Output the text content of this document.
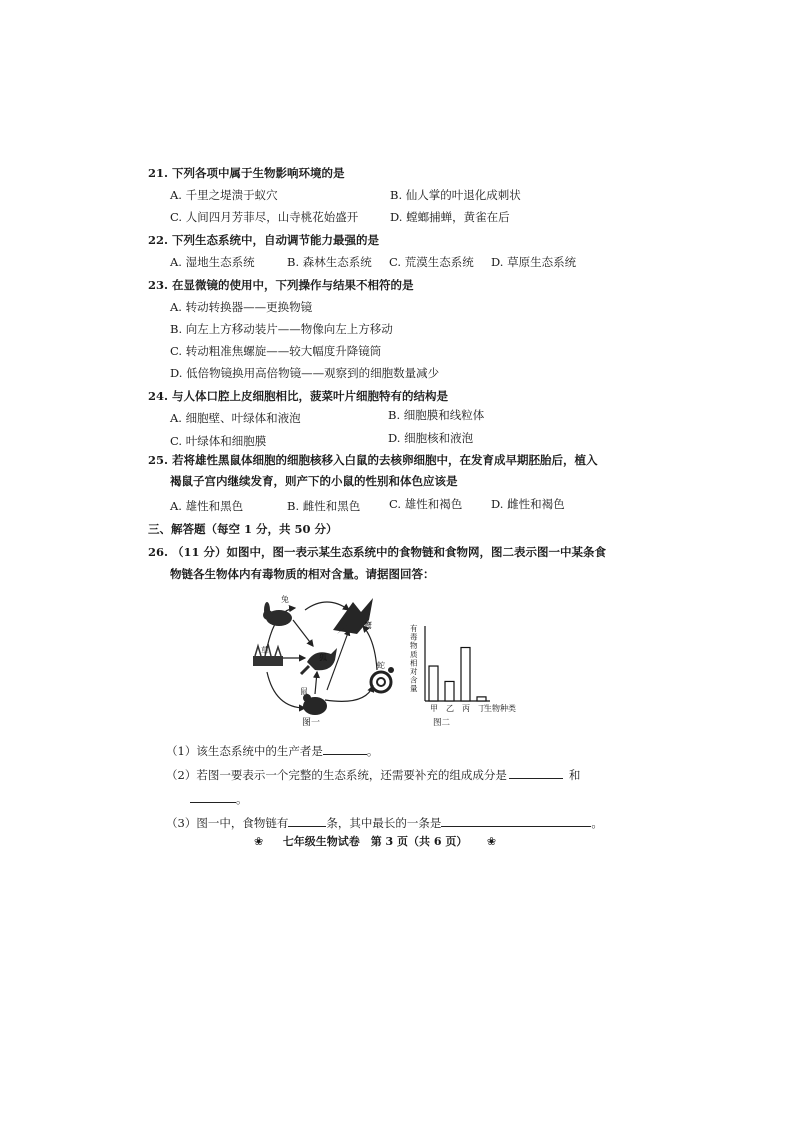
21. 下列各项中属于生物影响环境的是
A. 千里之堤溃于蚁穴	B. 仙人掌的叶退化成刺状
C. 人间四月芳菲尽，山寺桃花始盛开	D. 螳螂捕蝉，黄雀在后
22. 下列生态系统中，自动调节能力最强的是
A. 湿地生态系统	B. 森林生态系统 C. 荒漠生态系统 D. 草原生态系统
23. 在显微镜的使用中，下列操作与结果不相符的是
A. 转动转换器——更换物镜
B. 向左上方移动装片——物像向左上方移动
C. 转动粗准焦螺旋——较大幅度升降镜筒
D. 低倍物镜换用高倍物镜——观察到的细胞数量减少
24. 与人体口腔上皮细胞相比，菠菜叶片细胞特有的结构是
A. 细胞壁、叶绿体和液泡	B. 细胞膜和线粒体
C. 叶绿体和细胞膜	D. 细胞核和液泡
25. 若将雄性黑鼠体细胞的细胞核移入白鼠的去核卵细胞中，在发育成早期胚胎后，植入
褐鼠子宫内继续发育，则产下的小鼠的性别和体色应该是
A. 雄性和黑色	B. 雌性和黑色 C. 雄性和褐色	D. 雌性和褐色
三、解答题（每空 1 分，共 50 分）
26. （11 分）如图中，图一表示某生态系统中的食物链和食物网，图二表示图一中某条食
物链各生物体内有毒物质的相对含量。请据图回答：
兔
鹰
草
狐
蛇
鼠
图一
有毒物质相对含量
甲 乙 丙 丁
生物种类
图二
（1）该生态系统中的生产者是	。
（2）若图一要表示一个完整的生态系统，还需要补充的组成成分是	和
。
（3）图一中，食物链有	条，其中最长的一条是	。
❀ 七年级生物试卷　第 3 页（共 6 页） ❀
